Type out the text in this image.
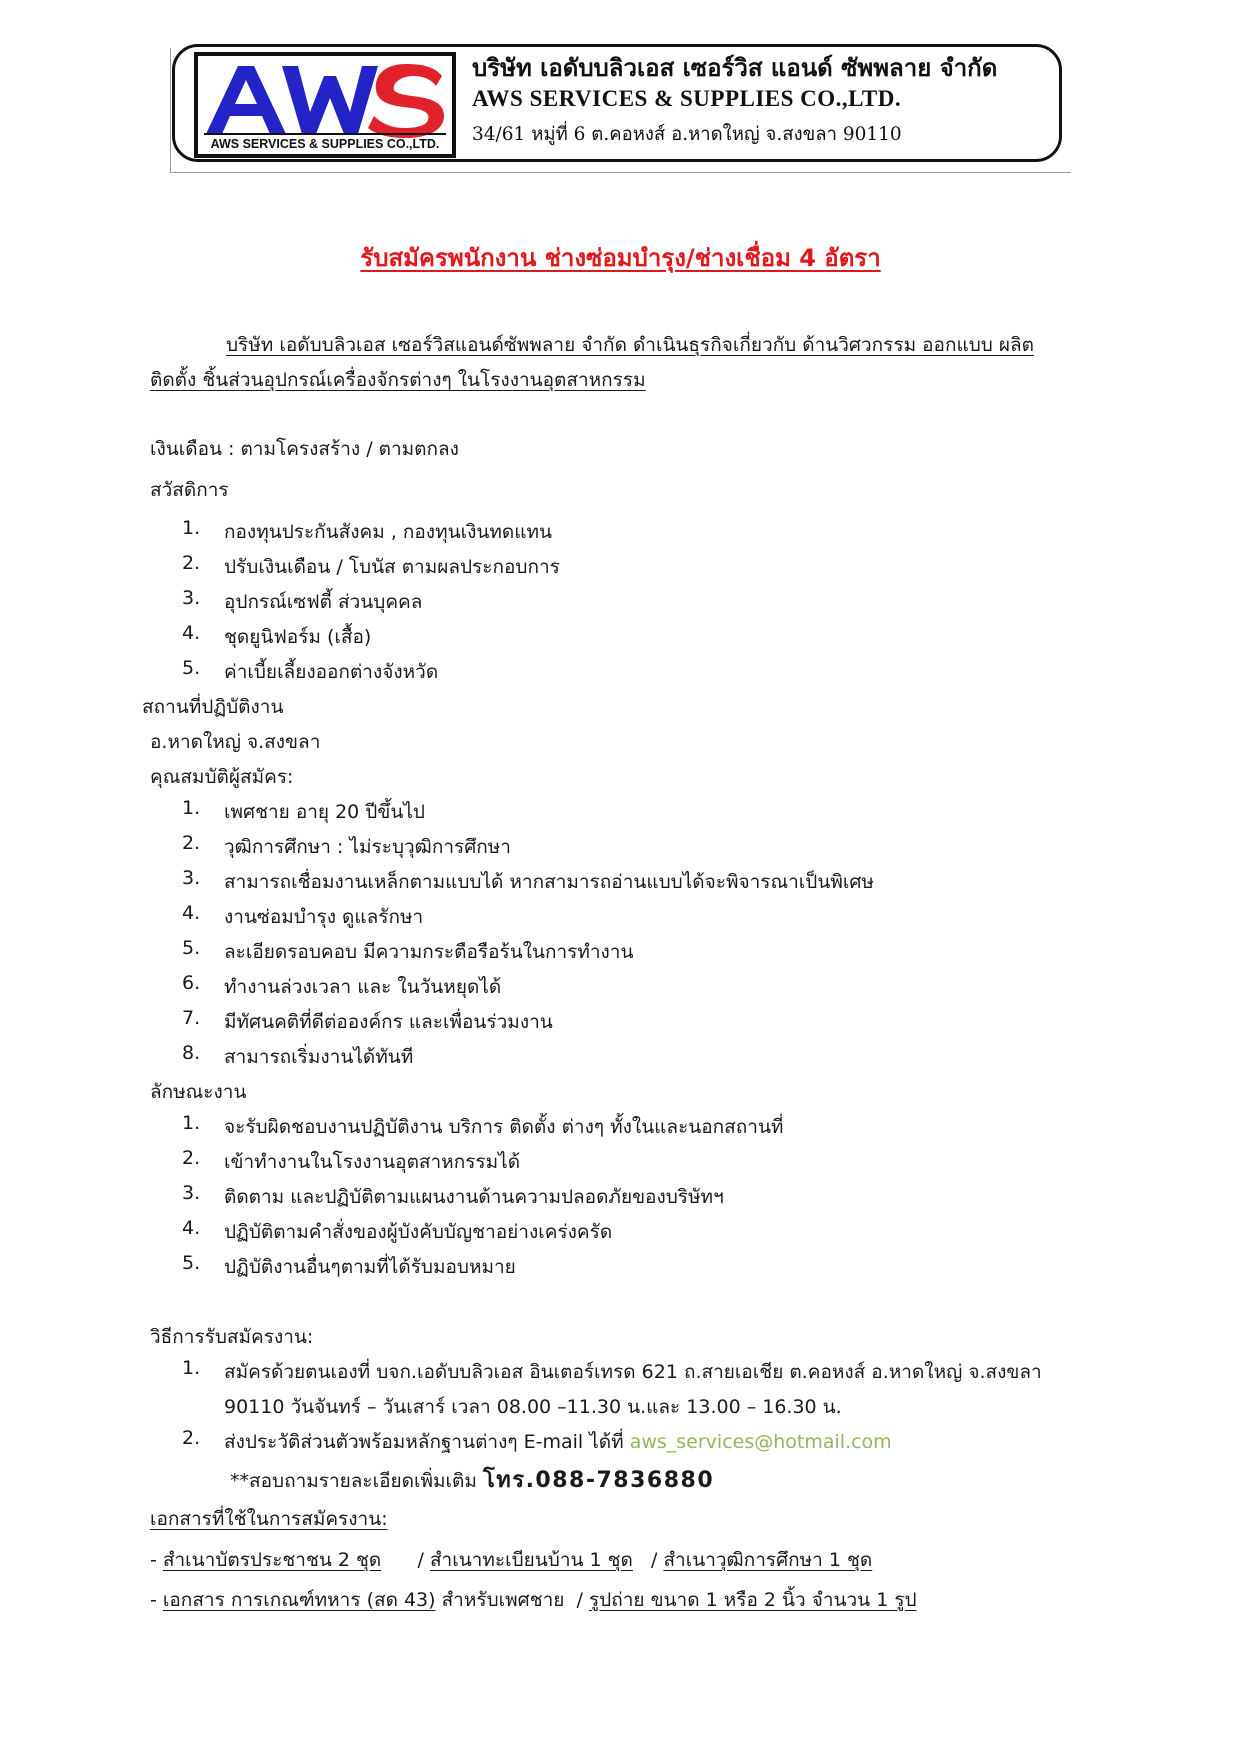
AWS SERVICES & SUPPLIES CO.,LTD.
บริษัท เอดับบลิวเอส เซอร์วิส แอนด์ ซัพพลาย จำกัด
AWS SERVICES & SUPPLIES CO.,LTD.
34/61 หมู่ที่ 6 ต.คอหงส์ อ.หาดใหญ่ จ.สงขลา 90110
รับสมัครพนักงาน ช่างซ่อมบำรุง/ช่างเชื่อม 4 อัตรา
บริษัท เอดับบลิวเอส เซอร์วิสแอนด์ซัพพลาย จำกัด ดำเนินธุรกิจเกี่ยวกับ ด้านวิศวกรรม ออกแบบ ผลิต
ติดตั้ง ชิ้นส่วนอุปกรณ์เครื่องจักรต่างๆ ในโรงงานอุตสาหกรรม
เงินเดือน : ตามโครงสร้าง / ตามตกลง
สวัสดิการ
1.	กองทุนประกันสังคม , กองทุนเงินทดแทน
2.	ปรับเงินเดือน / โบนัส ตามผลประกอบการ
3.	อุปกรณ์เซฟตี้ ส่วนบุคคล
4.	ชุดยูนิฟอร์ม (เสื้อ)
5.	ค่าเบี้ยเลี้ยงออกต่างจังหวัด
สถานที่ปฏิบัติงาน
อ.หาดใหญ่ จ.สงขลา
คุณสมบัติผู้สมัคร:
1.	เพศชาย อายุ 20 ปีขึ้นไป
2.	วุฒิการศึกษา : ไม่ระบุวุฒิการศึกษา
3.	สามารถเชื่อมงานเหล็กตามแบบได้ หากสามารถอ่านแบบได้จะพิจารณาเป็นพิเศษ
4.	งานซ่อมบำรุง ดูแลรักษา
5.	ละเอียดรอบคอบ มีความกระตือรือร้นในการทำงาน
6.	ทำงานล่วงเวลา และ ในวันหยุดได้
7.	มีทัศนคติที่ดีต่อองค์กร และเพื่อนร่วมงาน
8.	สามารถเริ่มงานได้ทันที
ลักษณะงาน
1.	จะรับผิดชอบงานปฏิบัติงาน บริการ ติดตั้ง ต่างๆ ทั้งในและนอกสถานที่
2.	เข้าทำงานในโรงงานอุตสาหกรรมได้
3.	ติดตาม และปฏิบัติตามแผนงานด้านความปลอดภัยของบริษัทฯ
4.	ปฏิบัติตามคำสั่งของผู้บังคับบัญชาอย่างเคร่งครัด
5.	ปฏิบัติงานอื่นๆตามที่ได้รับมอบหมาย
วิธีการรับสมัครงาน:
1.	สมัครด้วยตนเองที่ บจก.เอดับบลิวเอส อินเตอร์เทรด 621 ถ.สายเอเชีย ต.คอหงส์ อ.หาดใหญ่ จ.สงขลา
90110 วันจันทร์ – วันเสาร์ เวลา 08.00 –11.30 น.และ 13.00 – 16.30 น.
2.	ส่งประวัติส่วนตัวพร้อมหลักฐานต่างๆ E-mail ได้ที่ aws_services@hotmail.com
**สอบถามรายละเอียดเพิ่มเติม โทร.088-7836880
เอกสารที่ใช้ในการสมัครงาน:
- สำเนาบัตรประชาชน 2 ชุด      / สำเนาทะเบียนบ้าน 1 ชุด   / สำเนาวุฒิการศึกษา 1 ชุด
- เอกสาร การเกณฑ์ทหาร (สด 43) สำหรับเพศชาย  / รูปถ่าย ขนาด 1 หรือ 2 นิ้ว จำนวน 1 รูป
